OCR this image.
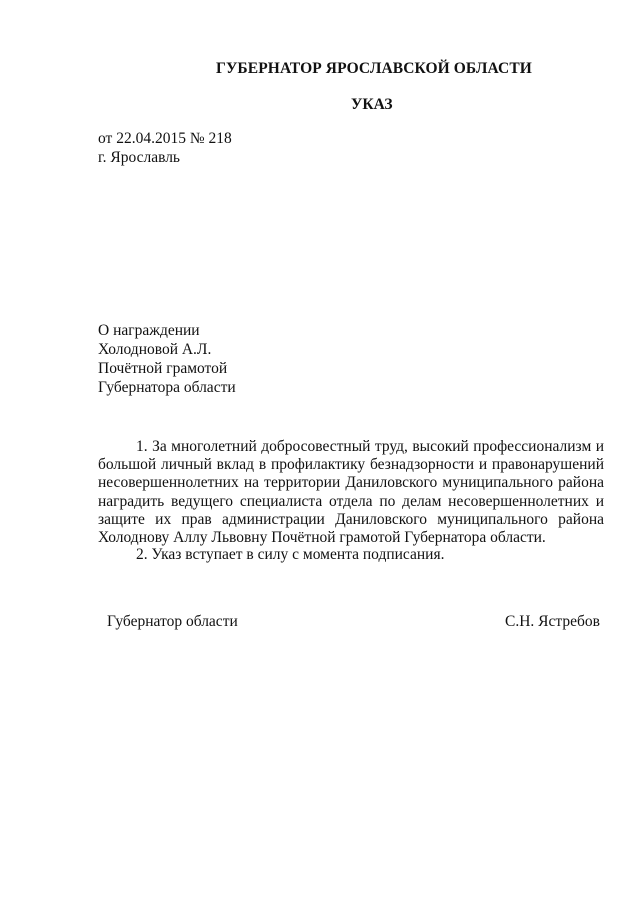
ГУБЕРНАТОР ЯРОСЛАВСКОЙ ОБЛАСТИ
УКАЗ
от 22.04.2015 № 218
г. Ярославль
О награждении
Холодновой А.Л.
Почётной грамотой
Губернатора области

1. За многолетний добросовестный труд, высокий профессионализм и большой личный вклад в профилактику безнадзорности и правонарушений несовершеннолетних на территории Даниловского муниципального района наградить ведущего специалиста отдела по делам несовершеннолетних и защите их прав администрации Даниловского муниципального района Холоднову Аллу Львовну Почётной грамотой Губернатора области.

2. Указ вступает в силу с момента подписания.

Губернатор области	С.Н. Ястребов
